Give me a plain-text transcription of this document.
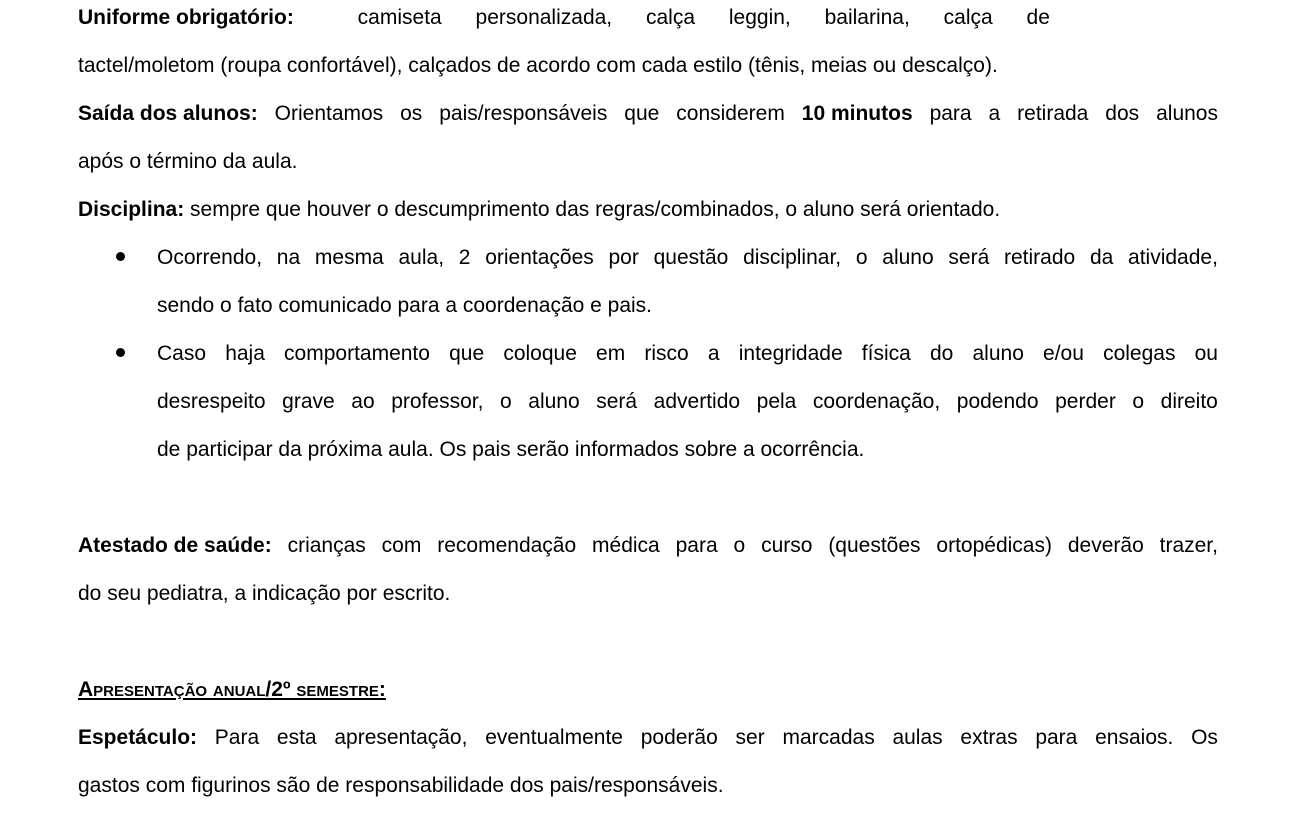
Uniforme obrigatório:	camiseta personalizada, calça leggin, bailarina, calça de
tactel/moletom (roupa confortável), calçados de acordo com cada estilo (tênis, meias ou descalço).
Saída dos alunos: Orientamos os pais/responsáveis que considerem 10 minutos para a retirada dos alunos
após o término da aula.
Disciplina: sempre que houver o descumprimento das regras/combinados, o aluno será orientado.
Ocorrendo, na mesma aula, 2 orientações por questão disciplinar, o aluno será retirado da atividade,
sendo o fato comunicado para a coordenação e pais.
Caso haja comportamento que coloque em risco a integridade física do aluno e/ou colegas ou
desrespeito grave ao professor, o aluno será advertido pela coordenação, podendo perder o direito
de participar da próxima aula. Os pais serão informados sobre a ocorrência.
Atestado de saúde: crianças com recomendação médica para o curso (questões ortopédicas) deverão trazer,
do seu pediatra, a indicação por escrito.
Apresentação anual/2º semestre:
Espetáculo: Para esta apresentação, eventualmente poderão ser marcadas aulas extras para ensaios. Os
gastos com figurinos são de responsabilidade dos pais/responsáveis.
